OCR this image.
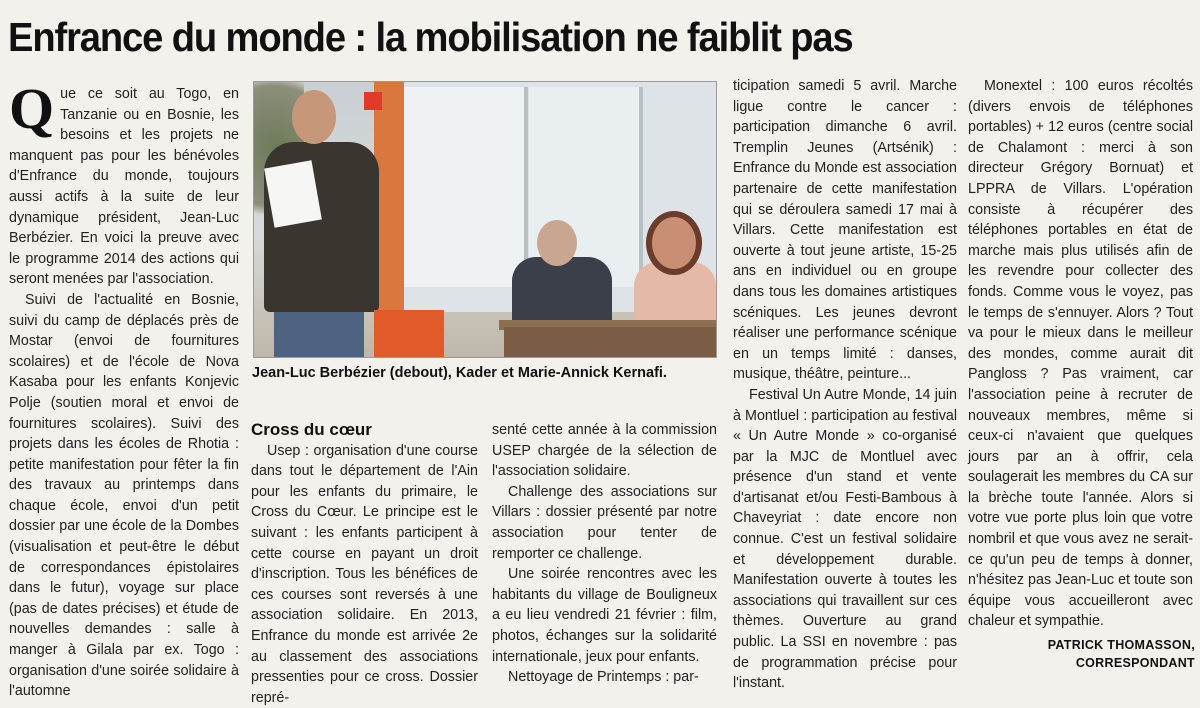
Enfrance du monde : la mobilisation ne faiblit pas

Que ce soit au Togo, en Tanzanie ou en Bosnie, les besoins et les projets ne manquent pas pour les bénévoles d'Enfrance du monde, toujours aussi actifs à la suite de leur dynamique président, Jean-Luc Berbézier. En voici la preuve avec le programme 2014 des actions qui seront menées par l'association.

Suivi de l'actualité en Bosnie, suivi du camp de déplacés près de Mostar (envoi de fournitures scolaires) et de l'école de Nova Kasaba pour les enfants Konjevic Polje (soutien moral et envoi de fournitures scolaires). Suivi des projets dans les écoles de Rhotia : petite manifestation pour fêter la fin des travaux au printemps dans chaque école, envoi d'un petit dossier par une école de la Dombes (visualisation et peut-être le début de correspondances épistolaires dans le futur), voyage sur place (pas de dates précises) et étude de nouvelles demandes : salle à manger à Gilala par ex. Togo : organisation d'une soirée solidaire à l'automne

Jean-Luc Berbézier (debout), Kader et Marie-Annick Kernafi.

Cross du cœur

Usep : organisation d'une course dans tout le département de l'Ain pour les enfants du primaire, le Cross du Cœur. Le principe est le suivant : les enfants participent à cette course en payant un droit d'inscription. Tous les bénéfices de ces courses sont reversés à une association solidaire. En 2013, Enfrance du monde est arrivée 2e au classement des associations pressenties pour ce cross. Dossier repré-

senté cette année à la commission USEP chargée de la sélection de l'association solidaire.

Challenge des associations sur Villars : dossier présenté par notre association pour tenter de remporter ce challenge.

Une soirée rencontres avec les habitants du village de Bouligneux a eu lieu vendredi 21 février : film, photos, échanges sur la solidarité internationale, jeux pour enfants.

Nettoyage de Printemps : par-

ticipation samedi 5 avril. Marche ligue contre le cancer : participation dimanche 6 avril. Tremplin Jeunes (Artsénik) : Enfrance du Monde est association partenaire de cette manifestation qui se déroulera samedi 17 mai à Villars. Cette manifestation est ouverte à tout jeune artiste, 15-25 ans en individuel ou en groupe dans tous les domaines artistiques scéniques. Les jeunes devront réaliser une performance scénique en un temps limité : danses, musique, théâtre, peinture...

Festival Un Autre Monde, 14 juin à Montluel : participation au festival « Un Autre Monde » co-organisé par la MJC de Montluel avec présence d'un stand et vente d'artisanat et/ou Festi-Bambous à Chaveyriat : date encore non connue. C'est un festival solidaire et développement durable. Manifestation ouverte à toutes les associations qui travaillent sur ces thèmes. Ouverture au grand public. La SSI en novembre : pas de programmation précise pour l'instant.

Monextel : 100 euros récoltés (divers envois de téléphones portables) + 12 euros (centre social de Chalamont : merci à son directeur Grégory Bornuat) et LPPRA de Villars. L'opération consiste à récupérer des téléphones portables en état de marche mais plus utilisés afin de les revendre pour collecter des fonds. Comme vous le voyez, pas le temps de s'ennuyer. Alors ? Tout va pour le mieux dans le meilleur des mondes, comme aurait dit Pangloss ? Pas vraiment, car l'association peine à recruter de nouveaux membres, même si ceux-ci n'avaient que quelques jours par an à offrir, cela soulagerait les membres du CA sur la brèche toute l'année. Alors si votre vue porte plus loin que votre nombril et que vous avez ne serait-ce qu'un peu de temps à donner, n'hésitez pas Jean-Luc et toute son équipe vous accueilleront avec chaleur et sympathie.

PATRICK THOMASSON,
CORRESPONDANT
